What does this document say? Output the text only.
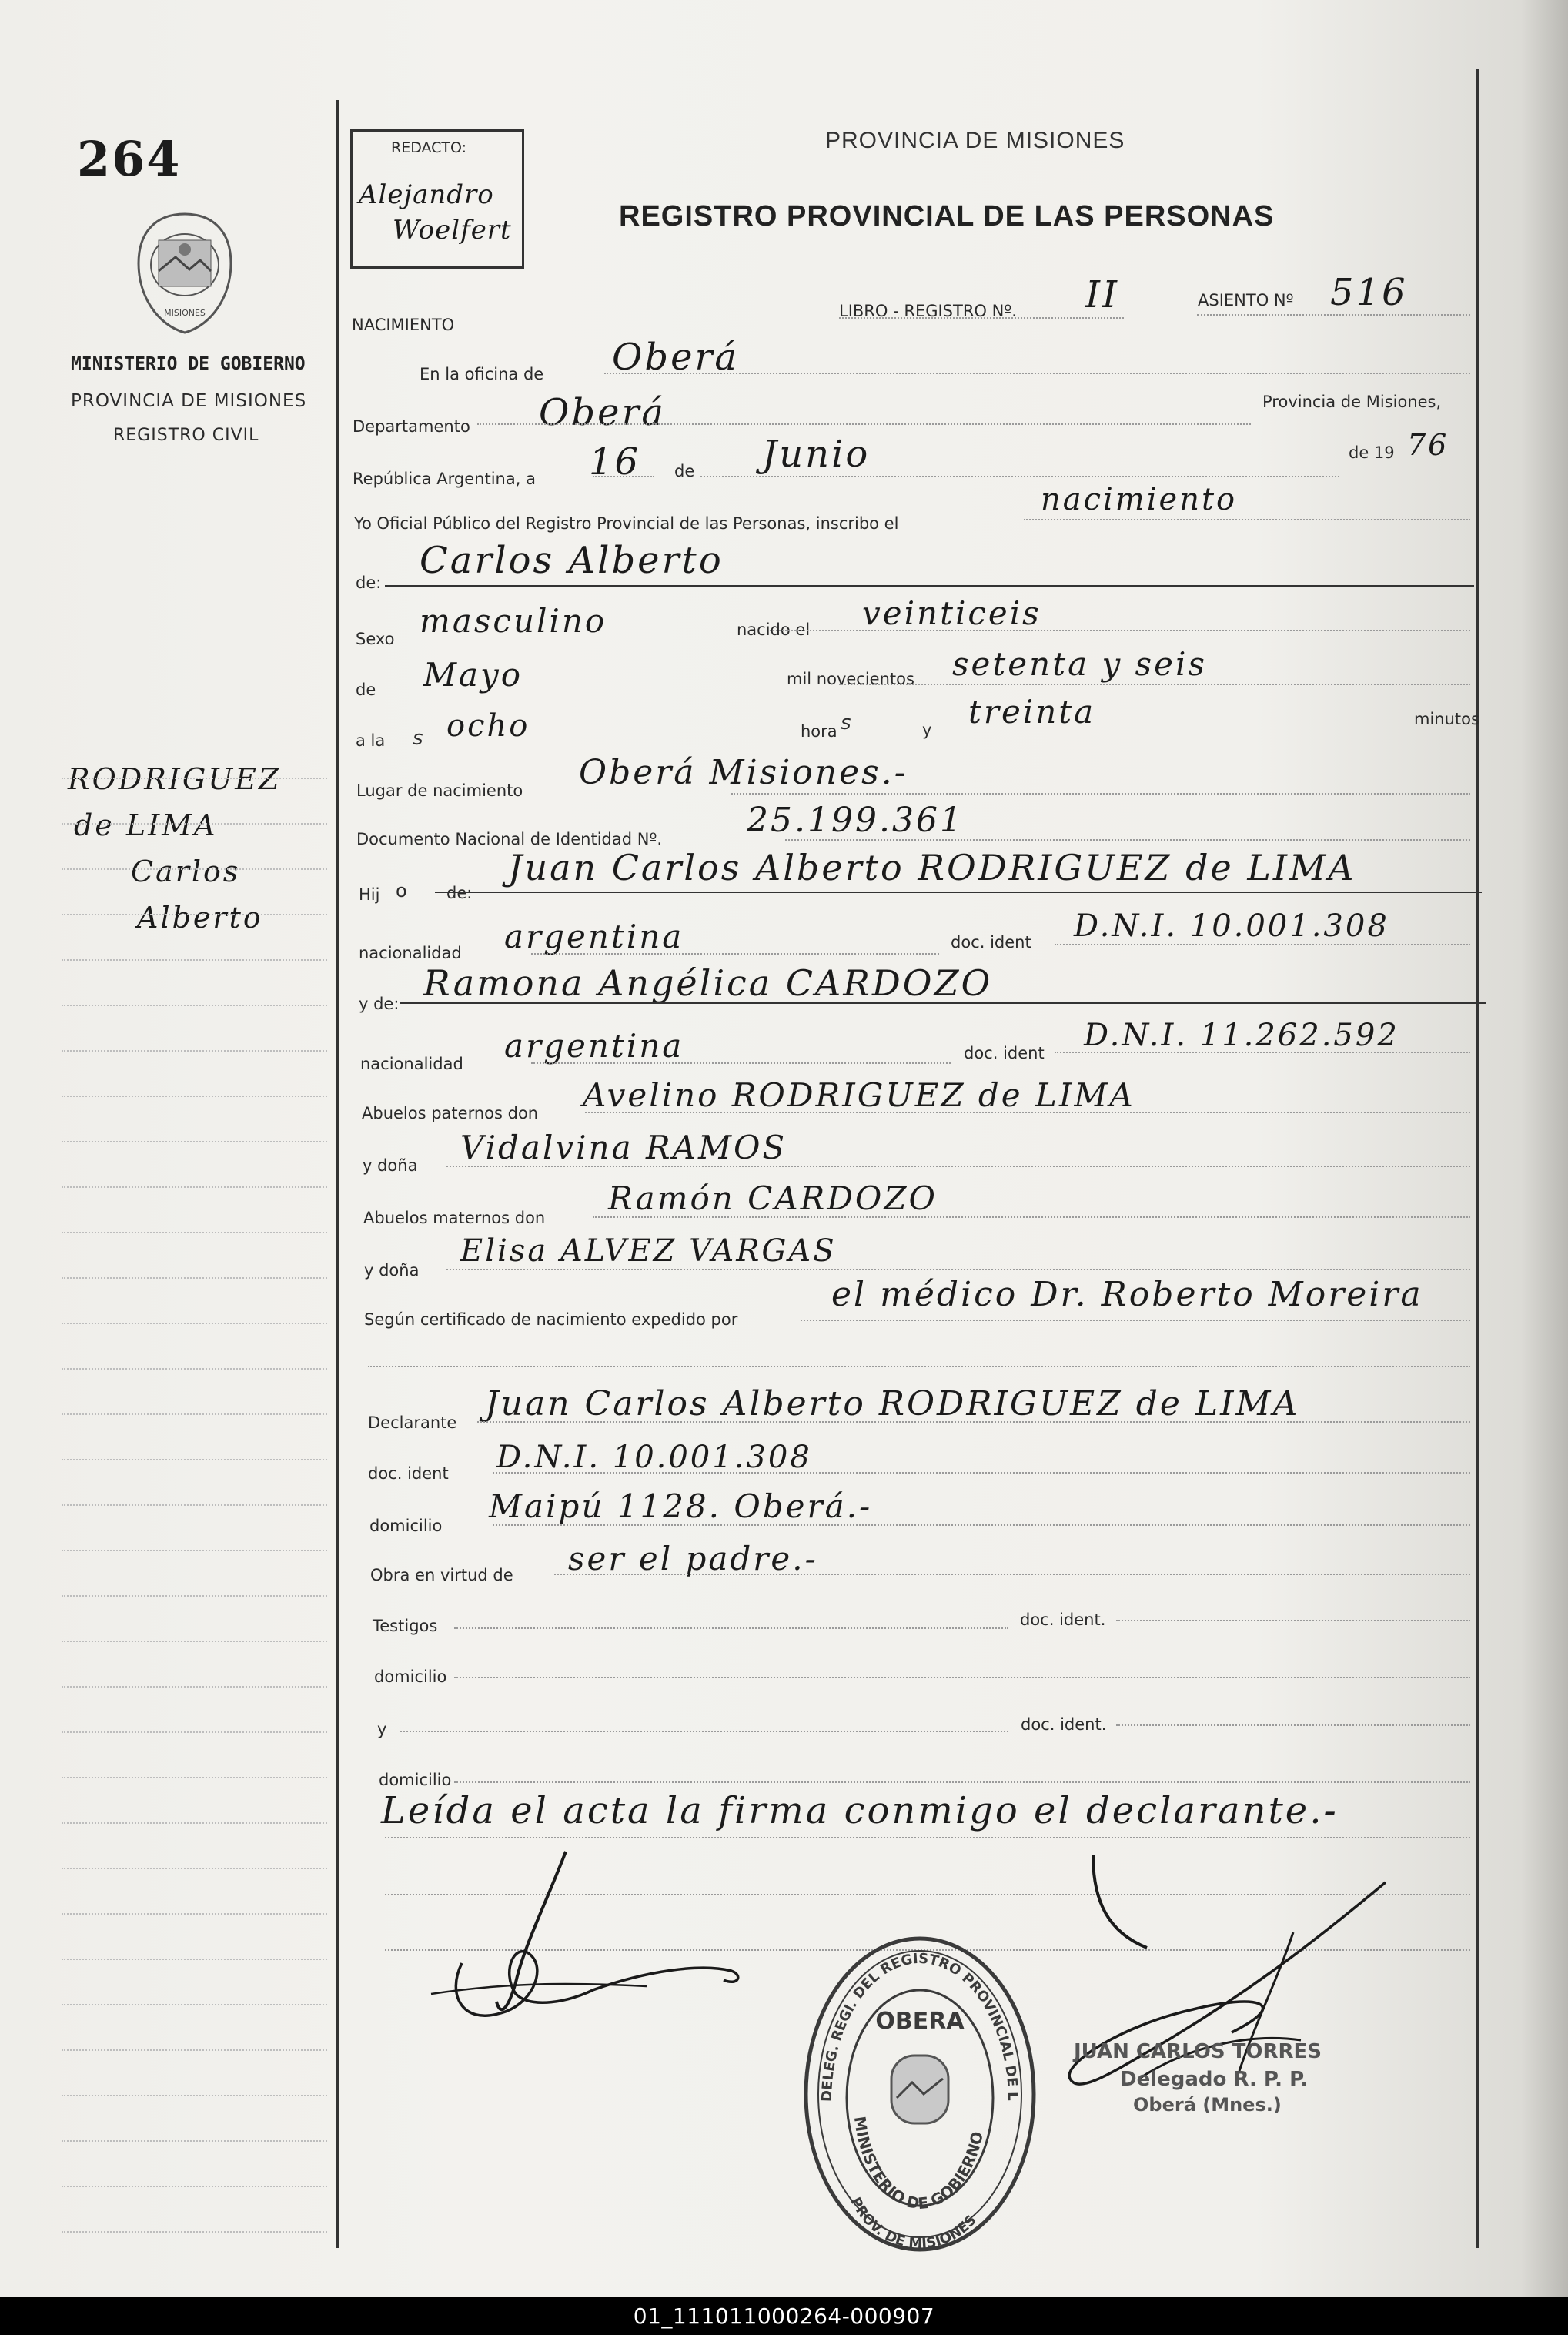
264
MISIONES
MINISTERIO DE GOBIERNO
PROVINCIA DE MISIONES
REGISTRO CIVIL
RODRIGUEZ
de LIMA
Carlos
Alberto
REDACTO:
Alejandro
Woelfert
PROVINCIA DE MISIONES
REGISTRO PROVINCIAL DE LAS PERSONAS
NACIMIENTO
LIBRO - REGISTRO Nº. II	ASIENTO Nº 516
En la oficina de Oberá
Departamento Oberá	Provincia de Misiones,
República Argentina, a 16 de Junio	de 19 76
Yo Oficial Público del Registro Provincial de las Personas, inscribo el
nacimiento
de:
Carlos Alberto
Sexo masculino	nacido el veinticeis
de Mayo	mil novecientos setenta y seis
a la s ocho	hora s	y treinta	minutos
Lugar de nacimiento Oberá Misiones.-
Documento Nacional de Identidad Nº. 25.199.361
Hij o de:
Juan Carlos Alberto RODRIGUEZ de LIMA
nacionalidad argentina	doc. ident D.N.I. 10.001.308
y de: Ramona Angélica CARDOZO
nacionalidad argentina	doc. ident D.N.I. 11.262.592
Abuelos paternos don Avelino RODRIGUEZ de LIMA
y doña Vidalvina RAMOS
Abuelos maternos don
Ramón CARDOZO
y doña
Elisa ALVEZ VARGAS
Según certificado de nacimiento expedido por
el médico Dr. Roberto Moreira
Declarante Juan Carlos Alberto RODRIGUEZ de LIMA
doc. ident D.N.I. 10.001.308
domicilio
Maipú 1128. Oberá.-
Obra en virtud de ser el padre.-
Testigos	doc. ident.
domicilio
y	doc. ident.
domicilio
Leída el acta la firma conmigo el declarante.-
JUAN CARLOS TORRES
Delegado R. P. P.
Oberá (Mnes.)
DELEG. REGI. DEL REGISTRO PROVINCIAL DE L
MINISTERIO DE GOBIERNO
PROV. DE MISIONES
OBERA
01_111011000264-000907
